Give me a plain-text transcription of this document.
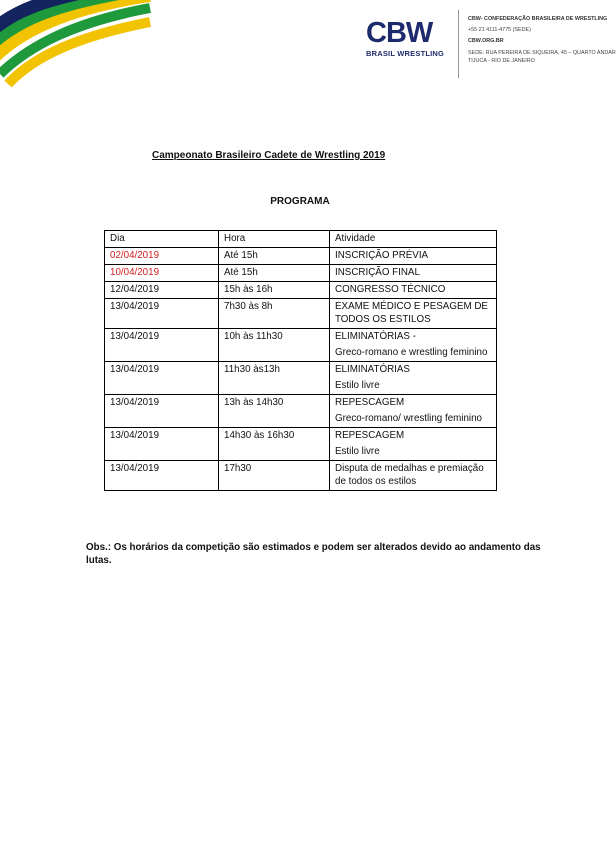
CBW
BRASIL WRESTLING
CBW- CONFEDERAÇÃO BRASILEIRA DE WRESTLING
+55 21 4111-4775 (SEDE)
CBW.ORG.BR
SEDE: RUA PEREIRA DE SIQUEIRA, 45 – QUARTO ANDAR
TIJUCA - RIO DE JANEIRO
Campeonato Brasileiro Cadete de Wrestling 2019
PROGRAMA
Dia	Hora	Atividade
02/04/2019	Até 15h	INSCRIÇÃO PRÉVIA
10/04/2019	Até 15h	INSCRIÇÃO FINAL
12/04/2019	15h às 16h	CONGRESSO TÉCNICO
13/04/2019	7h30 às 8h	EXAME MÉDICO E PESAGEM DE TODOS OS ESTILOS
13/04/2019	10h às 11h30	ELIMINATÓRIAS -
Greco-romano e wrestling feminino

13/04/2019	11h30 às13h	ELIMINATÓRIAS
Estilo livre

13/04/2019	13h às 14h30	REPESCAGEM
Greco-romano/ wrestling feminino

13/04/2019	14h30 às 16h30	REPESCAGEM
Estilo livre

13/04/2019	17h30	Disputa de medalhas e premiação de todos os estilos
Obs.: Os horários da competição são estimados e podem ser alterados devido ao andamento das lutas.
